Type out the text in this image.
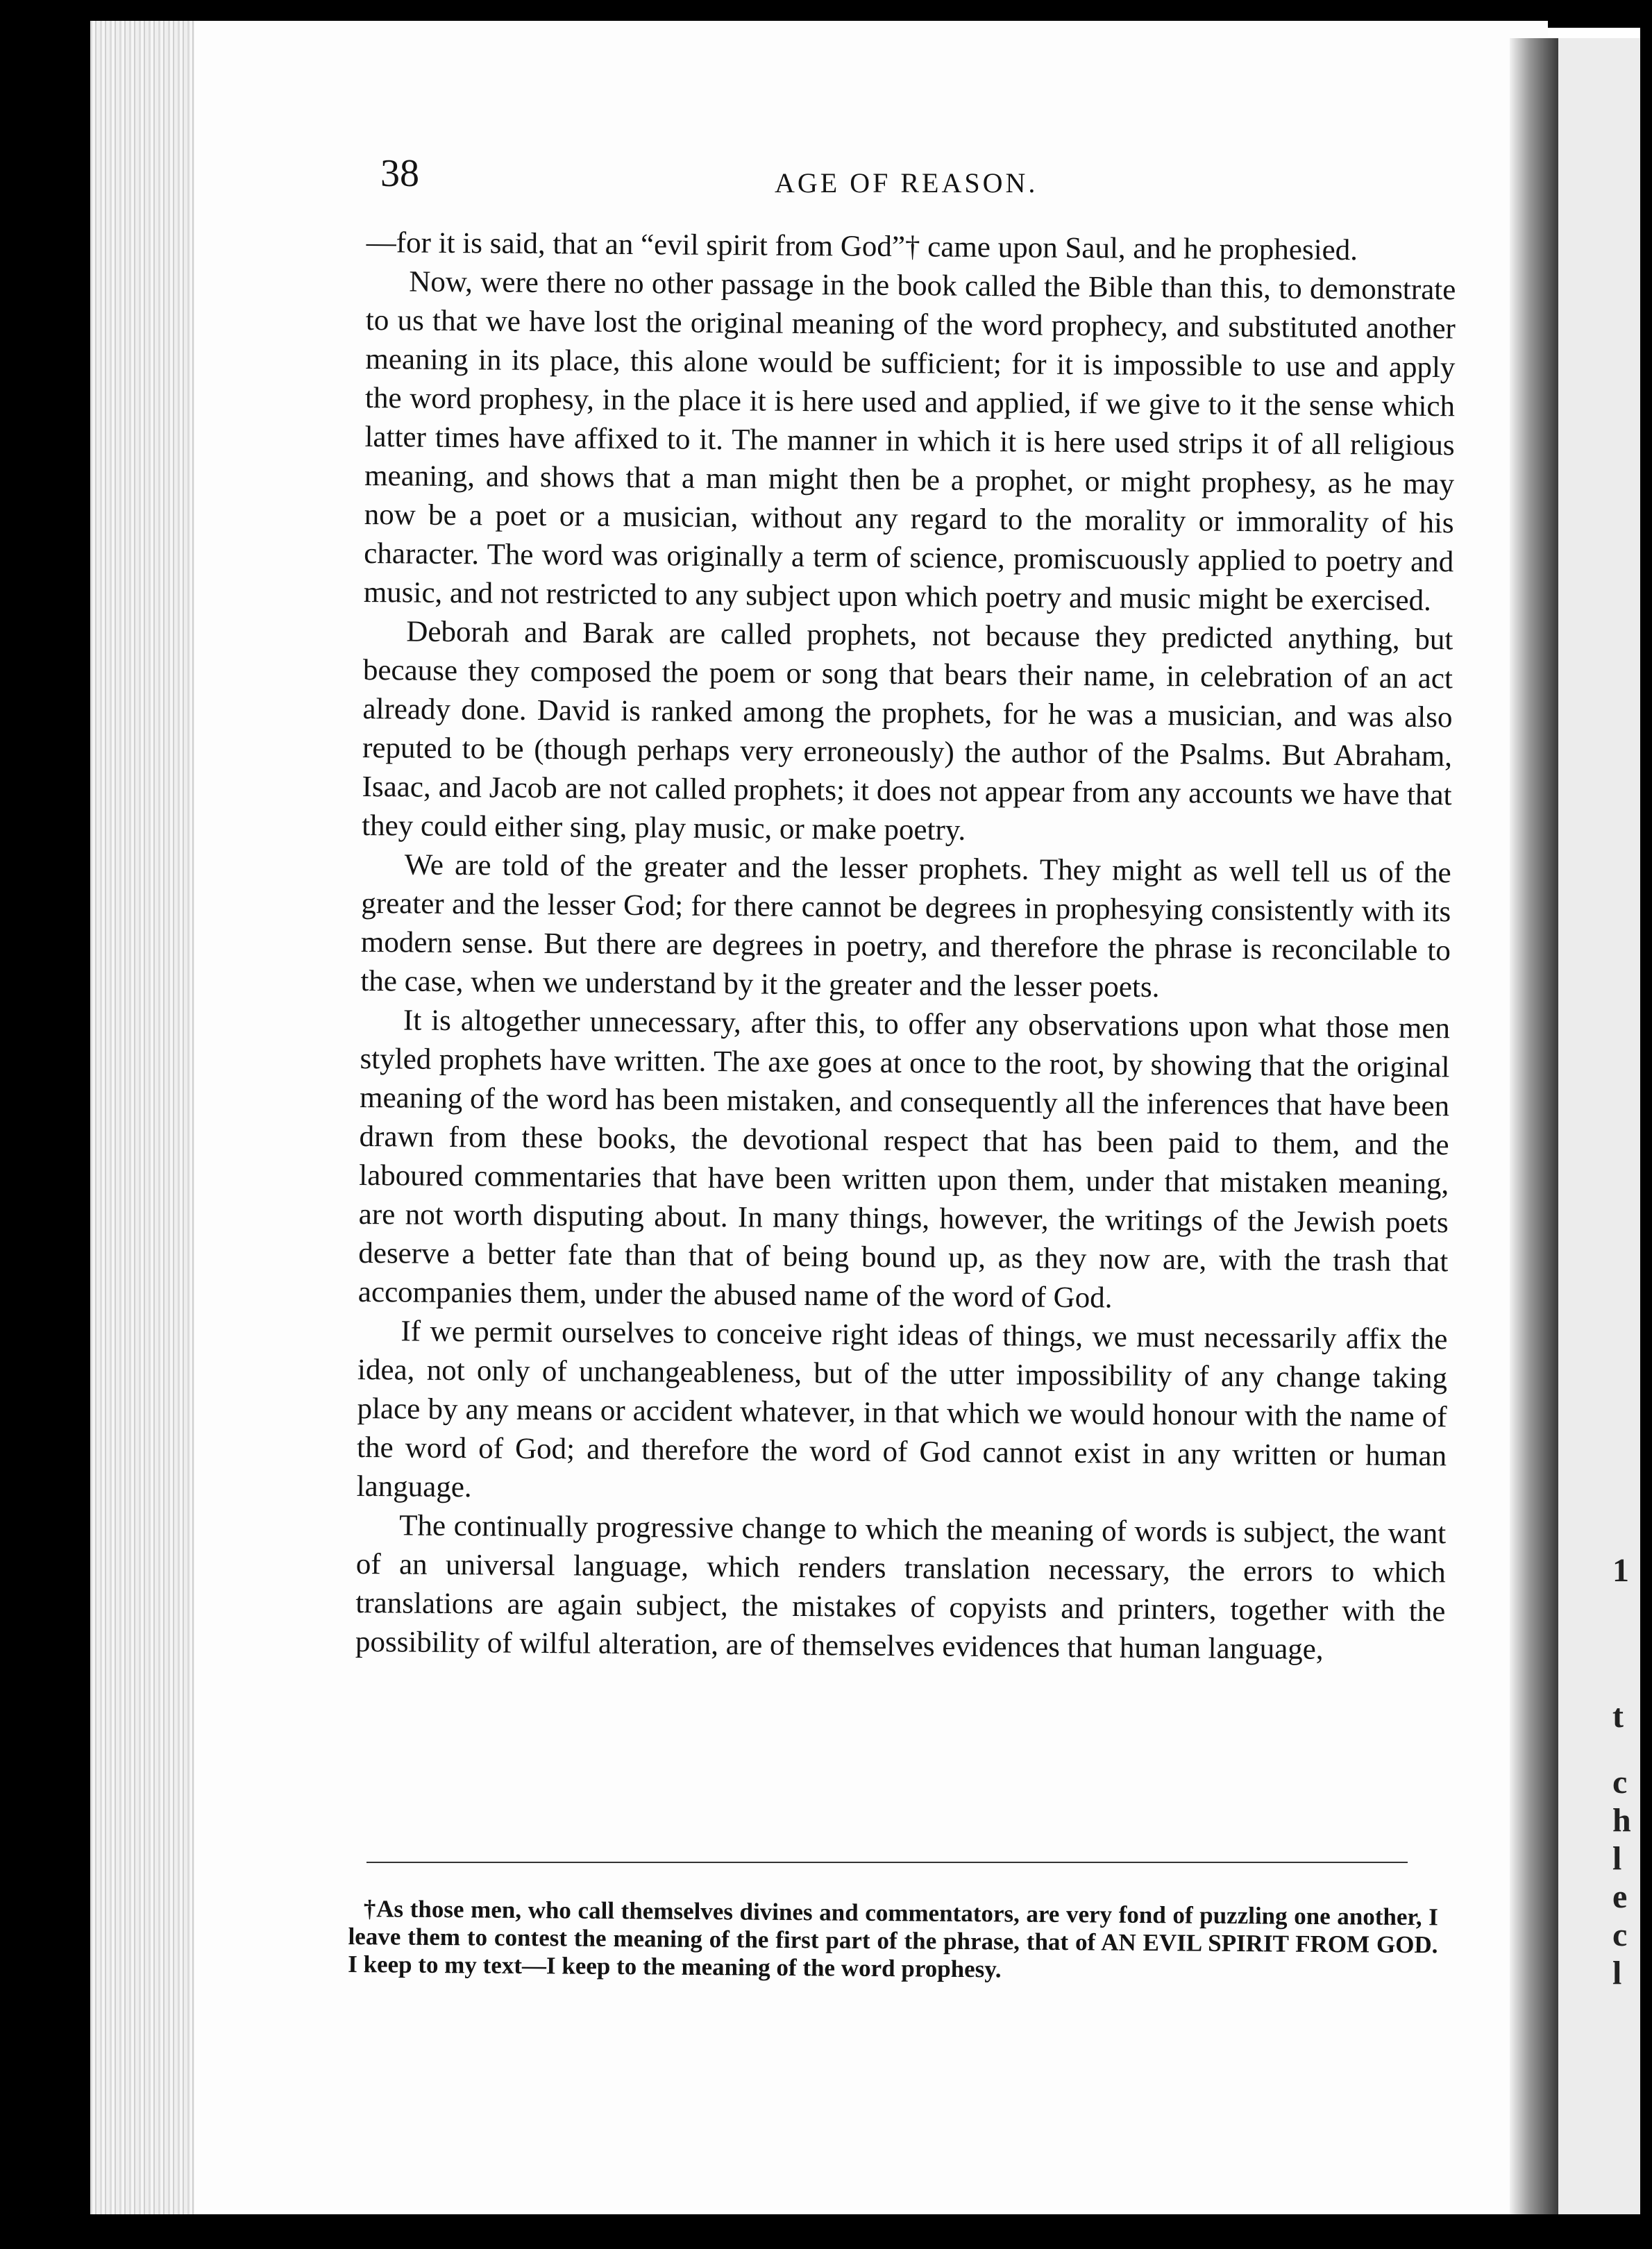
1
t
c
h
l
e
c
l
38	AGE OF REASON.

—for it is said, that an “evil spirit from God”† came upon Saul, and he prophesied.

Now, were there no other passage in the book called the Bible than this, to demonstrate to us that we have lost the original meaning of the word prophecy, and substituted another meaning in its place, this alone would be sufficient; for it is impossible to use and apply the word prophesy, in the place it is here used and applied, if we give to it the sense which latter times have affixed to it. The manner in which it is here used strips it of all religious meaning, and shows that a man might then be a prophet, or might prophesy, as he may now be a poet or a musician, without any regard to the morality or immorality of his character. The word was originally a term of science, promiscuously applied to poetry and music, and not restricted to any subject upon which poetry and music might be exercised.

Deborah and Barak are called prophets, not because they predicted anything, but because they composed the poem or song that bears their name, in celebration of an act already done. David is ranked among the prophets, for he was a musician, and was also reputed to be (though perhaps very erroneously) the author of the Psalms. But Abraham, Isaac, and Jacob are not called prophets; it does not appear from any accounts we have that they could either sing, play music, or make poetry.

We are told of the greater and the lesser prophets. They might as well tell us of the greater and the lesser God; for there cannot be degrees in prophesying consistently with its modern sense. But there are degrees in poetry, and therefore the phrase is reconcilable to the case, when we understand by it the greater and the lesser poets.

It is altogether unnecessary, after this, to offer any observations upon what those men styled prophets have written. The axe goes at once to the root, by showing that the original meaning of the word has been mistaken, and consequently all the inferences that have been drawn from these books, the devotional respect that has been paid to them, and the laboured commentaries that have been written upon them, under that mistaken meaning, are not worth disputing about. In many things, however, the writings of the Jewish poets deserve a better fate than that of being bound up, as they now are, with the trash that accompanies them, under the abused name of the word of God.

If we permit ourselves to conceive right ideas of things, we must necessarily affix the idea, not only of unchangeableness, but of the utter impossibility of any change taking place by any means or accident whatever, in that which we would honour with the name of the word of God; and therefore the word of God cannot exist in any written or human language.

The continually progressive change to which the meaning of words is subject, the want of an universal language, which renders translation necessary, the errors to which translations are again subject, the mistakes of copyists and printers, together with the possibility of wilful alteration, are of themselves evidences that human language,

†As those men, who call themselves divines and commentators, are very fond of puzzling one another, I leave them to contest the meaning of the first part of the phrase, that of AN EVIL SPIRIT FROM GOD. I keep to my text—I keep to the meaning of the word prophesy.
